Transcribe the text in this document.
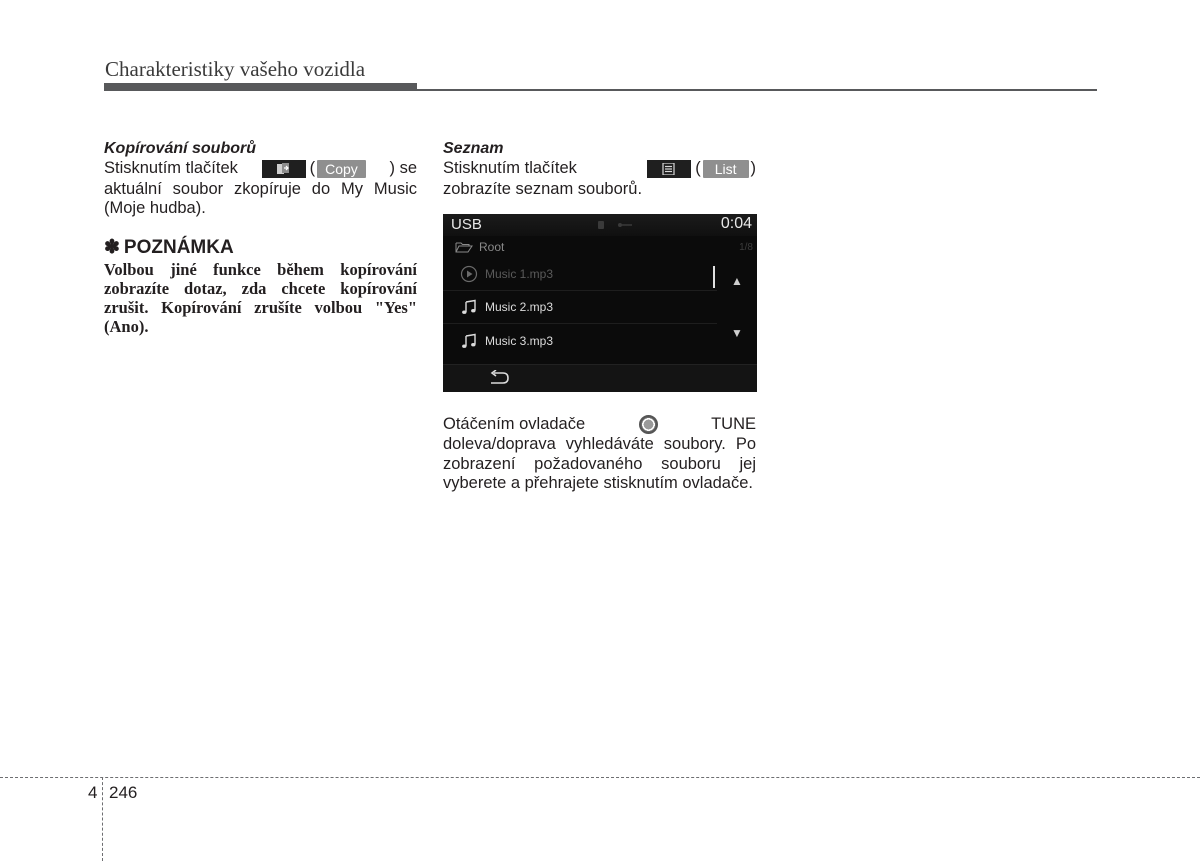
Charakteristiky vašeho vozidla
Kopírování souborů
Stisknutím tlačítek	( Copy	) se
aktuální soubor zkopíruje do My Music (Moje hudba).
✽ POZNÁMKA
Volbou jiné funkce během kopírování zobrazíte dotaz, zda chcete kopírování zrušit. Kopírování zrušíte volbou "Yes" (Ano).
Seznam
Stisknutím tlačítek	(	List )
zobrazíte seznam souborů.
USB	0:04
Root	1/8
Music 1.mp3
Music 2.mp3
Music 3.mp3
▲
▼
Otáčením ovladače	TUNE
doleva/doprava vyhledáváte soubory. Po zobrazení požadovaného souboru jej vyberete a přehrajete stisknutím ovladače.
4 246
